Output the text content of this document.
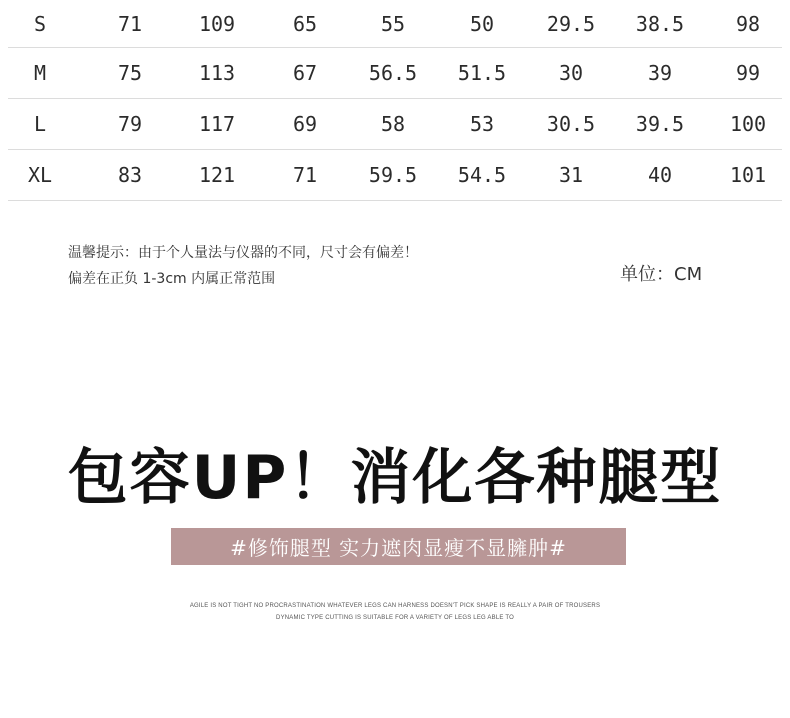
S	71	109	65	55	50	29.5	38.5	98
M	75	113	67	56.5	51.5	30	39	99
L	79	117	69	58	53	30.5	39.5	100
XL	83	121	71	59.5	54.5	31	40	101
温馨提示：由于个人量法与仪器的不同，尺寸会有偏差！
偏差在正负 1-3cm 内属正常范围	单位：CM
包容UP！消化各种腿型
#修饰腿型 实力遮肉显瘦不显臃肿#
AGILE IS NOT TIGHT NO PROCRASTINATION WHATEVER LEGS CAN HARNESS DOESN'T PICK SHAPE IS REALLY A PAIR OF TROUSERS
DYNAMIC TYPE CUTTING IS SUITABLE FOR A VARIETY OF LEGS LEG ABLE TO
